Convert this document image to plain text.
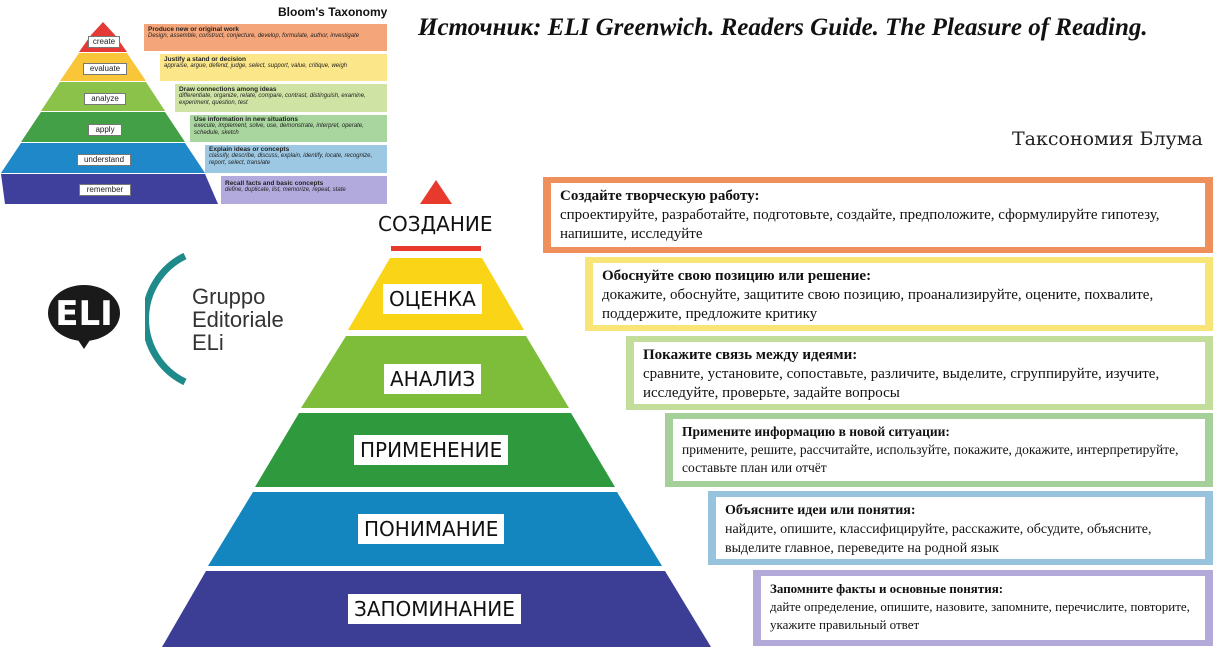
Bloom's Taxonomy
create
evaluate
analyze
apply
understand
remember
Produce new or original work
Design, assemble, construct, conjecture, develop, formulate, author, investigate
Justify a stand or decision
appraise, argue, defend, judge, select, support, value, critique, weigh
Draw connections among ideas
differentiate, organize, relate, compare, contrast, distinguish, examine, experiment, question, test
Use information in new situations
execute, implement, solve, use, demonstrate, interpret, operate, schedule, sketch
Explain ideas or concepts
classify, describe, discuss, explain, identify, locate, recognize, report, select, translate
Recall facts and basic concepts
define, duplicate, list, memorize, repeat, state
Источник: ELI Greenwich. Readers Guide. The Pleasure of Reading.
Таксономия Блума
ELI	Gruppo
Editoriale
ELi
СОЗДАНИЕ
ОЦЕНКА
АНАЛИЗ
ПРИМЕНЕНИЕ
ПОНИМАНИЕ
ЗАПОМИНАНИЕ
Создайте творческую работу:
спроектируйте, разработайте, подготовьте, создайте, предположите, сформулируйте гипотезу, напишите, исследуйте
Обоснуйте свою позицию или решение:
докажите, обоснуйте, защитите свою позицию, проанализируйте, оцените, похвалите, поддержите, предложите критику
Покажите связь между идеями:
сравните, установите, сопоставьте, различите, выделите, сгруппируйте, изучите, исследуйте, проверьте, задайте вопросы
Примените информацию в новой ситуации:
примените, решите, рассчитайте, используйте, покажите, докажите, интерпретируйте, составьте план или отчёт
Объясните идеи или понятия:
найдите, опишите, классифицируйте, расскажите, обсудите, объясните, выделите главное, переведите на родной язык
Запомните факты и основные понятия:
дайте определение, опишите, назовите, запомните, перечислите, повторите, укажите правильный ответ
